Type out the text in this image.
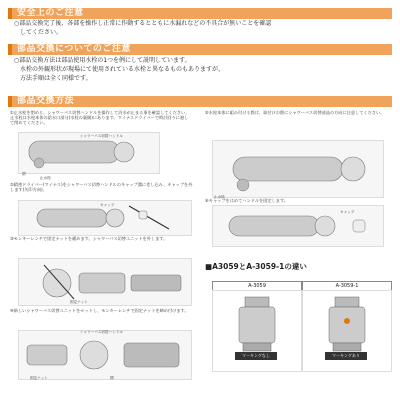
安全上のご注意
○部品交換完了後、各部を操作し正常に作動するとともに水漏れなどの不具合が無いことを確認
してください。
部品交換についてのご注意
○部品交換方法は部品使用水栓の1つを例にして説明しています。
水栓の外観形状が現場にて使用されている水栓と異なるものもありますが、
方法手順は全く同様です。
部品交換方法
①止水栓を閉める。シャワーバス切替ハンドルを操作して浴水が止まる事を確認してください。止水栓は水栓本体の給水口部分(水栓の裏側)にあります。マイナスドライバーで時計回りに廻して閉めてください。
シャワーバス切替ハンドル
閉
止水栓
②精密ドライバー(マイナス)をシャワーバス切替ハンドルのキャップ溝に差し込み、キャップを外します(矢印方向)。
キャップ
③モンキーレンチで固定ナットを緩めます。シャワーバス切替ユニットを外します。
固定ナット
④新しいシャワーバス切替ユニットをセットし、モンキーレンチで固定ナットを締め付けます。
シャワーバス切替ハンドル
固定ナット	開
⑤水栓本体に組み付ける際は、取付けの際にシャワーバス切替部品の方向に注意してください。
止水栓
⑥キャップをはめてハンドルを固定します。
キャップ
■A3059とA-3059-1の違い
A-3059	A-3059-1
マーキングなし	マーキングあり
